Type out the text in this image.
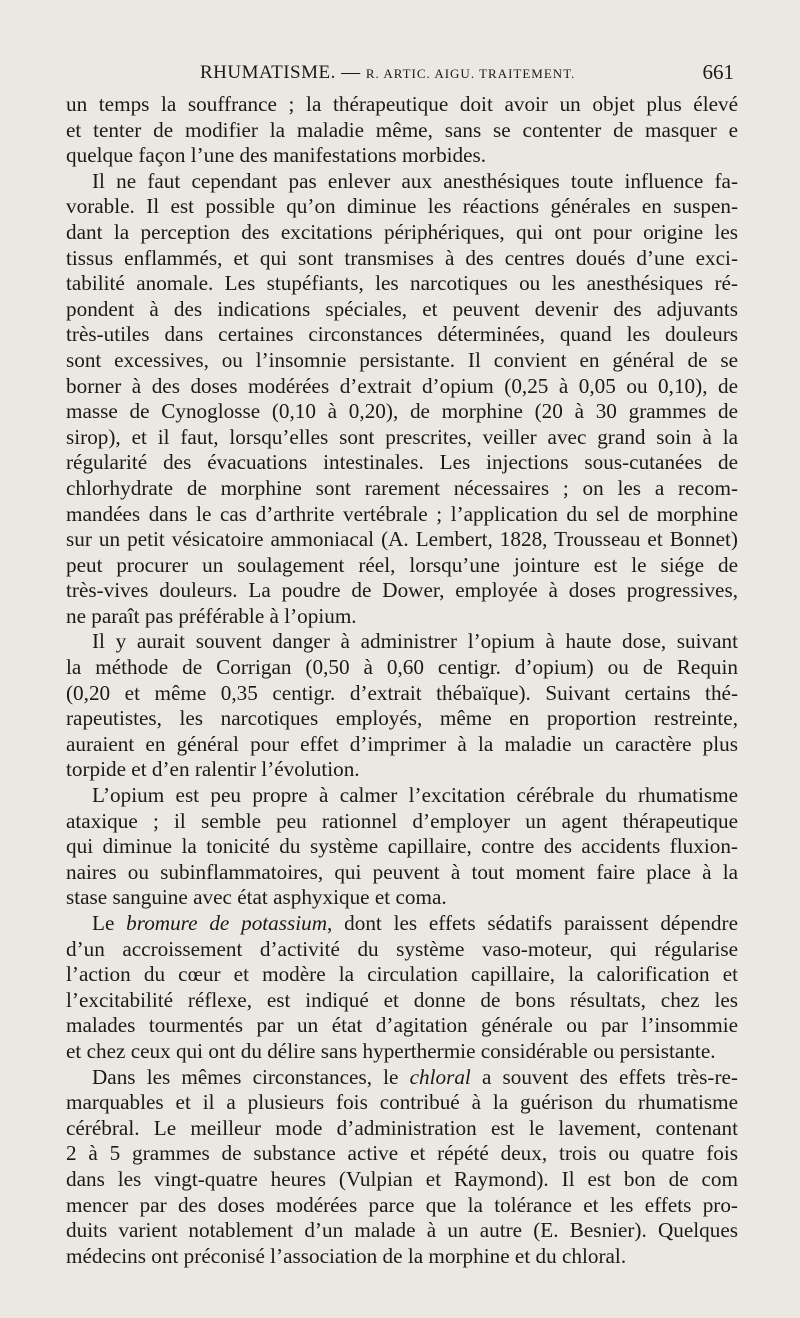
RHUMATISME. — R. ARTIC. AIGU. TRAITEMENT.	661
un temps la souffrance ; la thérapeutique doit avoir un objet plus élevé
et tenter de modifier la maladie même, sans se contenter de masquer e
quelque façon l’une des manifestations morbides.
Il ne faut cependant pas enlever aux anesthésiques toute influence fa-
vorable. Il est possible qu’on diminue les réactions générales en suspen-
dant la perception des excitations périphériques, qui ont pour origine les
tissus enflammés, et qui sont transmises à des centres doués d’une exci-
tabilité anomale. Les stupéfiants, les narcotiques ou les anesthésiques ré-
pondent à des indications spéciales, et peuvent devenir des adjuvants
très-utiles dans certaines circonstances déterminées, quand les douleurs
sont excessives, ou l’insomnie persistante. Il convient en général de se
borner à des doses modérées d’extrait d’opium (0,25 à 0,05 ou 0,10), de
masse de Cynoglosse (0,10 à 0,20), de morphine (20 à 30 grammes de
sirop), et il faut, lorsqu’elles sont prescrites, veiller avec grand soin à la
régularité des évacuations intestinales. Les injections sous-cutanées de
chlorhydrate de morphine sont rarement nécessaires ; on les a recom-
mandées dans le cas d’arthrite vertébrale ; l’application du sel de morphine
sur un petit vésicatoire ammoniacal (A. Lembert, 1828, Trousseau et Bonnet)
peut procurer un soulagement réel, lorsqu’une jointure est le siége de
très-vives douleurs. La poudre de Dower, employée à doses progressives,
ne paraît pas préférable à l’opium.
Il y aurait souvent danger à administrer l’opium à haute dose, suivant
la méthode de Corrigan (0,50 à 0,60 centigr. d’opium) ou de Requin
(0,20 et même 0,35 centigr. d’extrait thébaïque). Suivant certains thé-
rapeutistes, les narcotiques employés, même en proportion restreinte,
auraient en général pour effet d’imprimer à la maladie un caractère plus
torpide et d’en ralentir l’évolution.
L’opium est peu propre à calmer l’excitation cérébrale du rhumatisme
ataxique ; il semble peu rationnel d’employer un agent thérapeutique
qui diminue la tonicité du système capillaire, contre des accidents fluxion-
naires ou subinflammatoires, qui peuvent à tout moment faire place à la
stase sanguine avec état asphyxique et coma.
Le bromure de potassium, dont les effets sédatifs paraissent dépendre
d’un accroissement d’activité du système vaso-moteur, qui régularise
l’action du cœur et modère la circulation capillaire, la calorification et
l’excitabilité réflexe, est indiqué et donne de bons résultats, chez les
malades tourmentés par un état d’agitation générale ou par l’insommie
et chez ceux qui ont du délire sans hyperthermie considérable ou persistante.
Dans les mêmes circonstances, le chloral a souvent des effets très-re-
marquables et il a plusieurs fois contribué à la guérison du rhumatisme
cérébral. Le meilleur mode d’administration est le lavement, contenant
2 à 5 grammes de substance active et répété deux, trois ou quatre fois
dans les vingt-quatre heures (Vulpian et Raymond). Il est bon de com
mencer par des doses modérées parce que la tolérance et les effets pro-
duits varient notablement d’un malade à un autre (E. Besnier). Quelques
médecins ont préconisé l’association de la morphine et du chloral.
